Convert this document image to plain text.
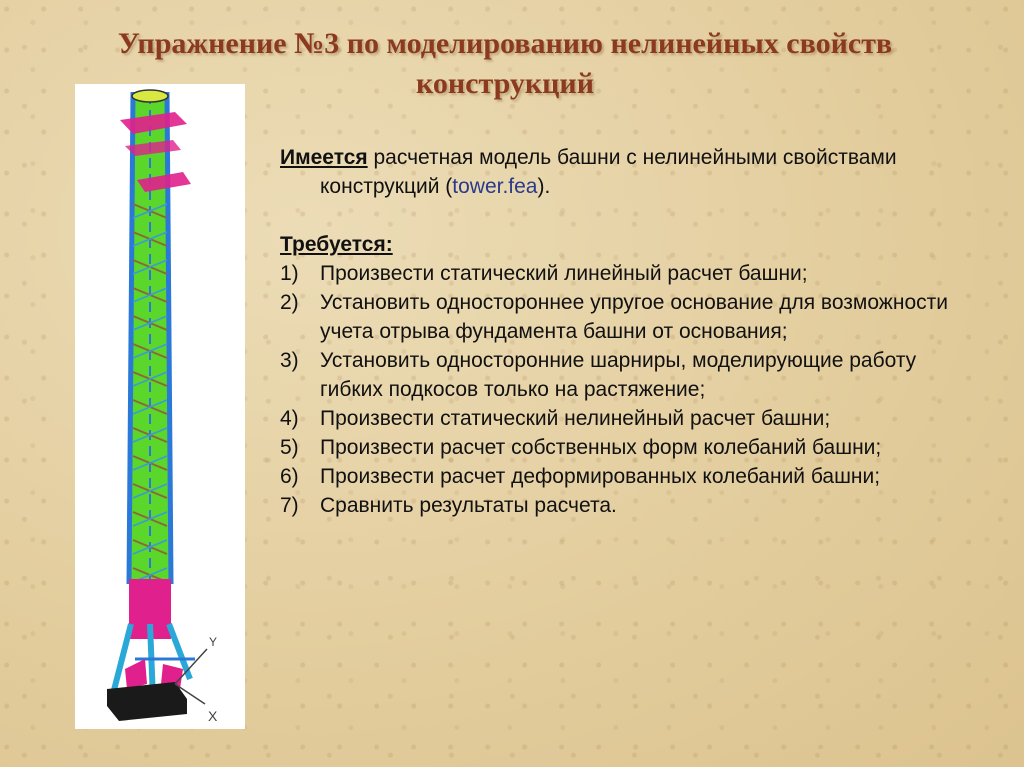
Упражнение №3 по моделированию нелинейных свойств
конструкций
Y
X

Имеется расчетная модель башни с нелинейными свойствами конструкций (tower.fea).

Требуется:

1) Произвести статический линейный расчет башни;
2) Установить одностороннее упругое основание для возможности учета отрыва фундамента башни от основания;
3) Установить односторонние шарниры, моделирующие работу гибких подкосов только на растяжение;
4) Произвести статический нелинейный расчет башни;
5) Произвести расчет собственных форм колебаний башни;
6) Произвести расчет деформированных колебаний башни;
7) Сравнить результаты расчета.
